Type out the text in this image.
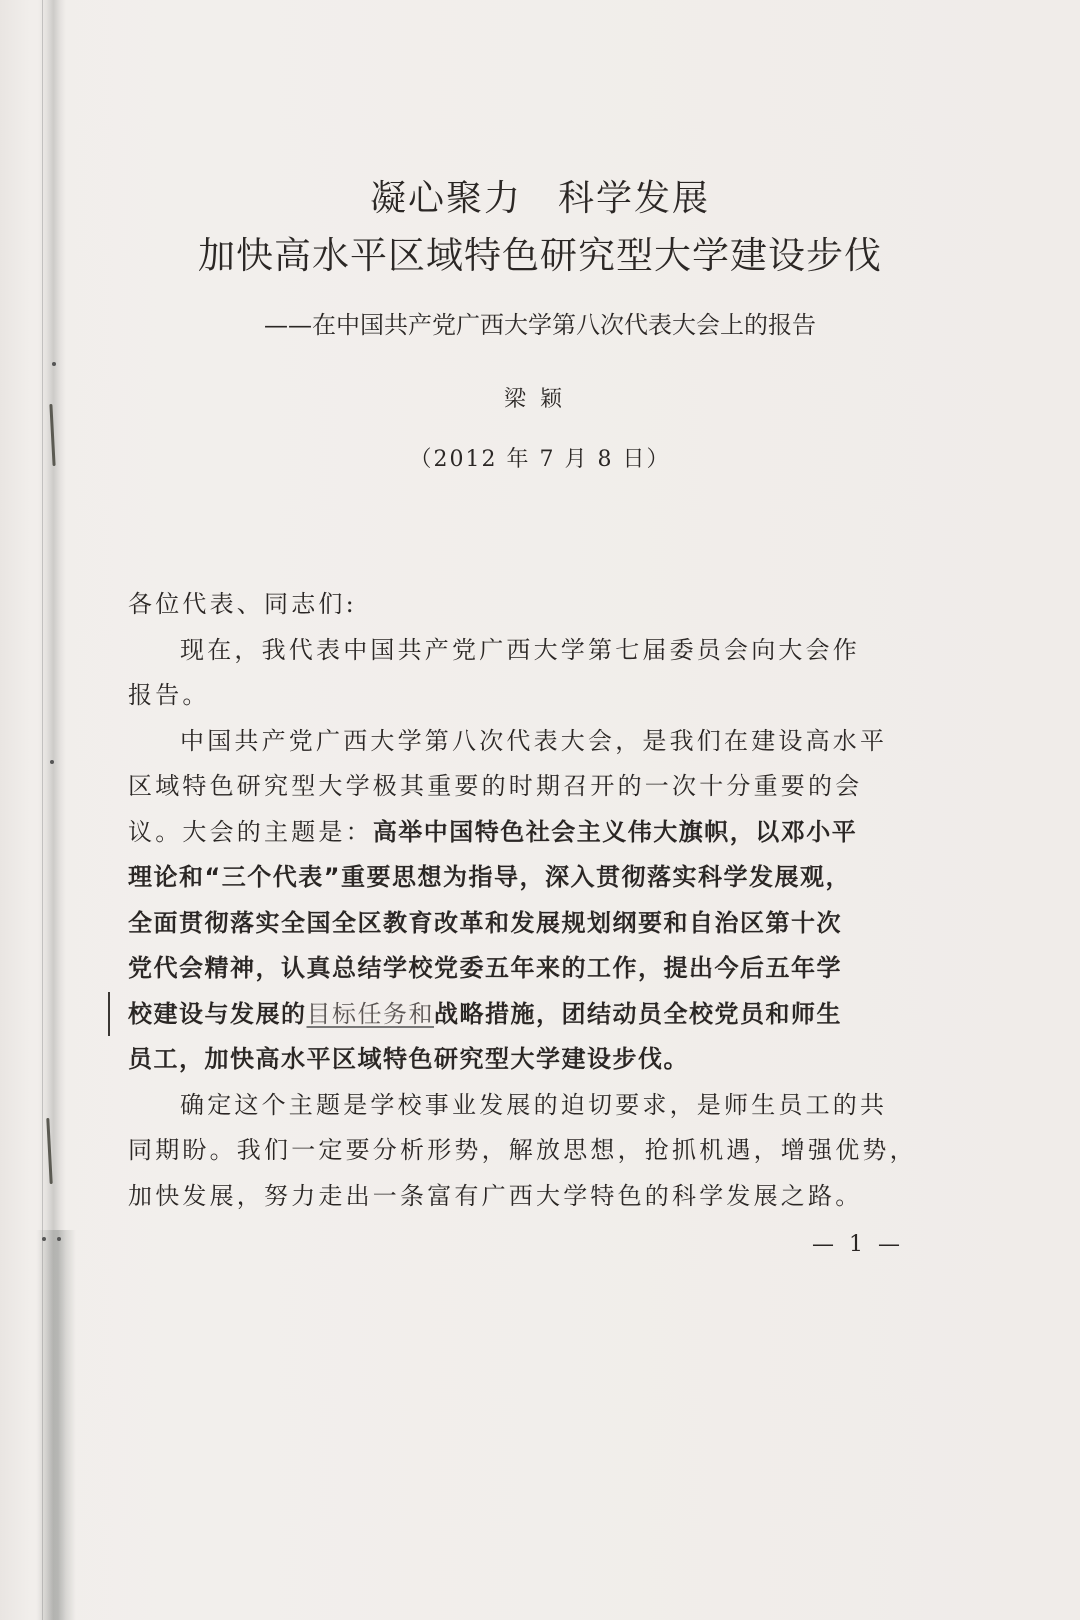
凝心聚力 科学发展
加快高水平区域特色研究型大学建设步伐
——在中国共产党广西大学第八次代表大会上的报告
梁颖
（2012 年 7 月 8 日）
各位代表、同志们:
现在，我代表中国共产党广西大学第七届委员会向大会作
报告。
中国共产党广西大学第八次代表大会，是我们在建设高水平
区域特色研究型大学极其重要的时期召开的一次十分重要的会
议。大会的主题是：高举中国特色社会主义伟大旗帜，以邓小平
理论和“三个代表”重要思想为指导，深入贯彻落实科学发展观，
全面贯彻落实全国全区教育改革和发展规划纲要和自治区第十次
党代会精神，认真总结学校党委五年来的工作，提出今后五年学
校建设与发展的目标任务和战略措施，团结动员全校党员和师生
员工，加快高水平区域特色研究型大学建设步伐。
确定这个主题是学校事业发展的迫切要求，是师生员工的共
同期盼。我们一定要分析形势，解放思想，抢抓机遇，增强优势，
加快发展，努力走出一条富有广西大学特色的科学发展之路。
— 1 —
